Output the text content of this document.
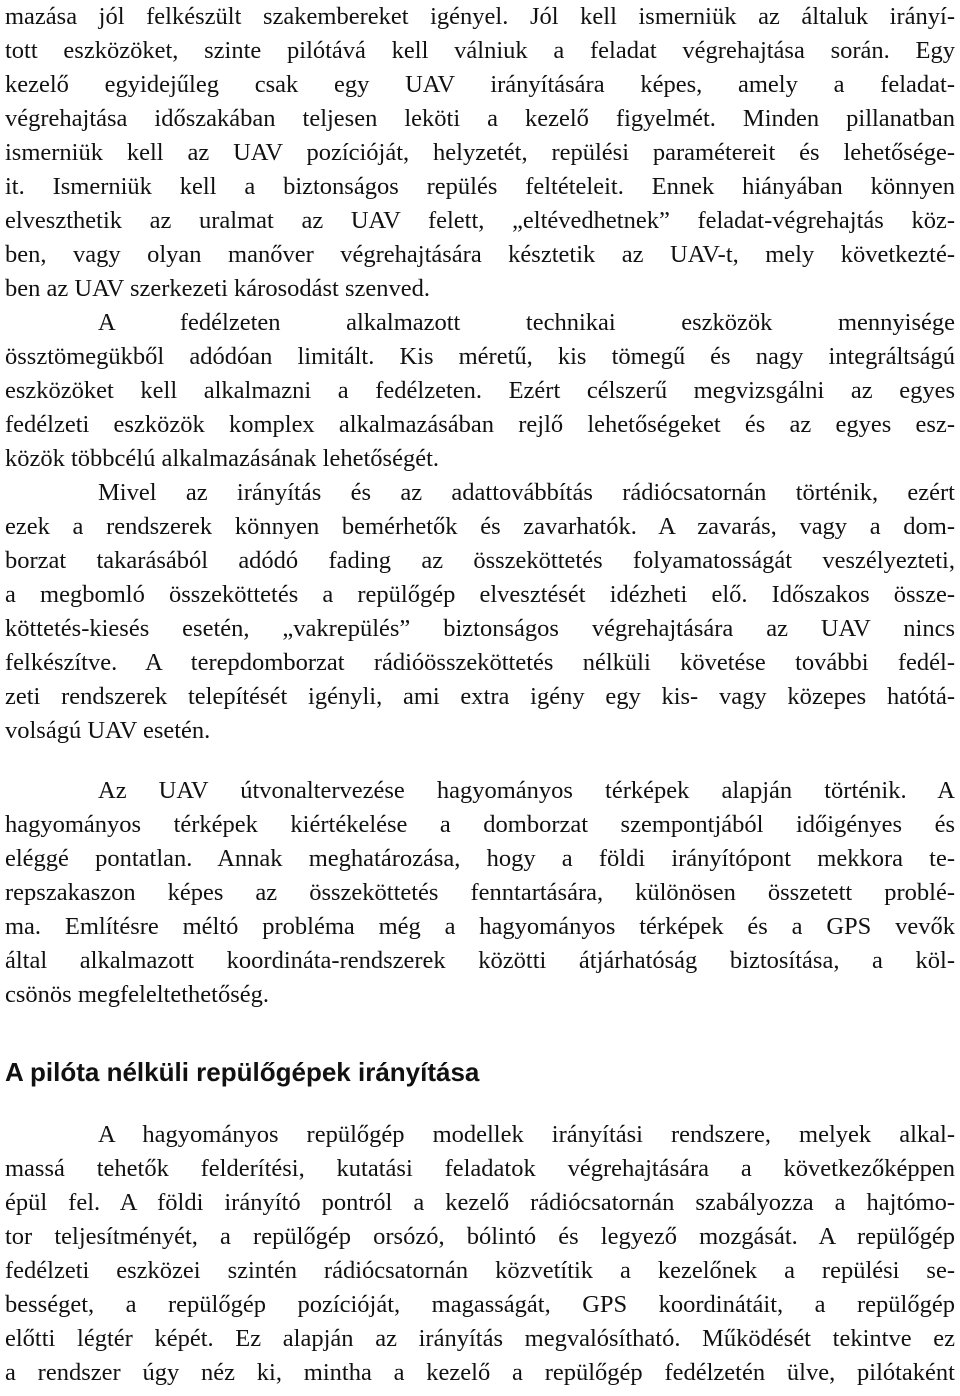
mazása jól felkészült szakembereket igényel. Jól kell ismerniük az általuk irányí-
tott eszközöket, szinte pilótává kell válniuk a feladat végrehajtása során. Egy
kezelő egyidejűleg csak egy UAV irányítására képes, amely a feladat-
végrehajtása időszakában teljesen leköti a kezelő figyelmét. Minden pillanatban
ismerniük kell az UAV pozícióját, helyzetét, repülési paramétereit és lehetősége-
it. Ismerniük kell a biztonságos repülés feltételeit. Ennek hiányában könnyen
elveszthetik az uralmat az UAV felett, „eltévedhetnek” feladat-végrehajtás köz-
ben, vagy olyan manőver végrehajtására késztetik az UAV-t, mely következté-
ben az UAV szerkezeti károsodást szenved.
A fedélzeten alkalmazott technikai eszközök mennyisége
össztömegükből adódóan limitált. Kis méretű, kis tömegű és nagy integráltságú
eszközöket kell alkalmazni a fedélzeten. Ezért célszerű megvizsgálni az egyes
fedélzeti eszközök komplex alkalmazásában rejlő lehetőségeket és az egyes esz-
közök többcélú alkalmazásának lehetőségét.
Mivel az irányítás és az adattovábbítás rádiócsatornán történik, ezért
ezek a rendszerek könnyen bemérhetők és zavarhatók. A zavarás, vagy a dom-
borzat takarásából adódó fading az összeköttetés folyamatosságát veszélyezteti,
a megbomló összeköttetés a repülőgép elvesztését idézheti elő. Időszakos össze-
köttetés-kiesés esetén, „vakrepülés” biztonságos végrehajtására az UAV nincs
felkészítve. A terepdomborzat rádióösszeköttetés nélküli követése további fedél-
zeti rendszerek telepítését igényli, ami extra igény egy kis- vagy közepes hatótá-
volságú UAV esetén.
Az UAV útvonaltervezése hagyományos térképek alapján történik. A
hagyományos térképek kiértékelése a domborzat szempontjából időigényes és
eléggé pontatlan. Annak meghatározása, hogy a földi irányítópont mekkora te-
repszakaszon képes az összeköttetés fenntartására, különösen összetett problé-
ma. Említésre méltó probléma még a hagyományos térképek és a GPS vevők
által alkalmazott koordináta-rendszerek közötti átjárhatóság biztosítása, a köl-
csönös megfeleltethetőség.
A pilóta nélküli repülőgépek irányítása
A hagyományos repülőgép modellek irányítási rendszere, melyek alkal-
massá tehetők felderítési, kutatási feladatok végrehajtására a következőképpen
épül fel. A földi irányító pontról a kezelő rádiócsatornán szabályozza a hajtómo-
tor teljesítményét, a repülőgép orsózó, bólintó és legyező mozgását. A repülőgép
fedélzeti eszközei szintén rádiócsatornán közvetítik a kezelőnek a repülési se-
bességet, a repülőgép pozícióját, magasságát, GPS koordinátáit, a repülőgép
előtti légtér képét. Ez alapján az irányítás megvalósítható. Működését tekintve ez
a rendszer úgy néz ki, mintha a kezelő a repülőgép fedélzetén ülve, pilótaként
